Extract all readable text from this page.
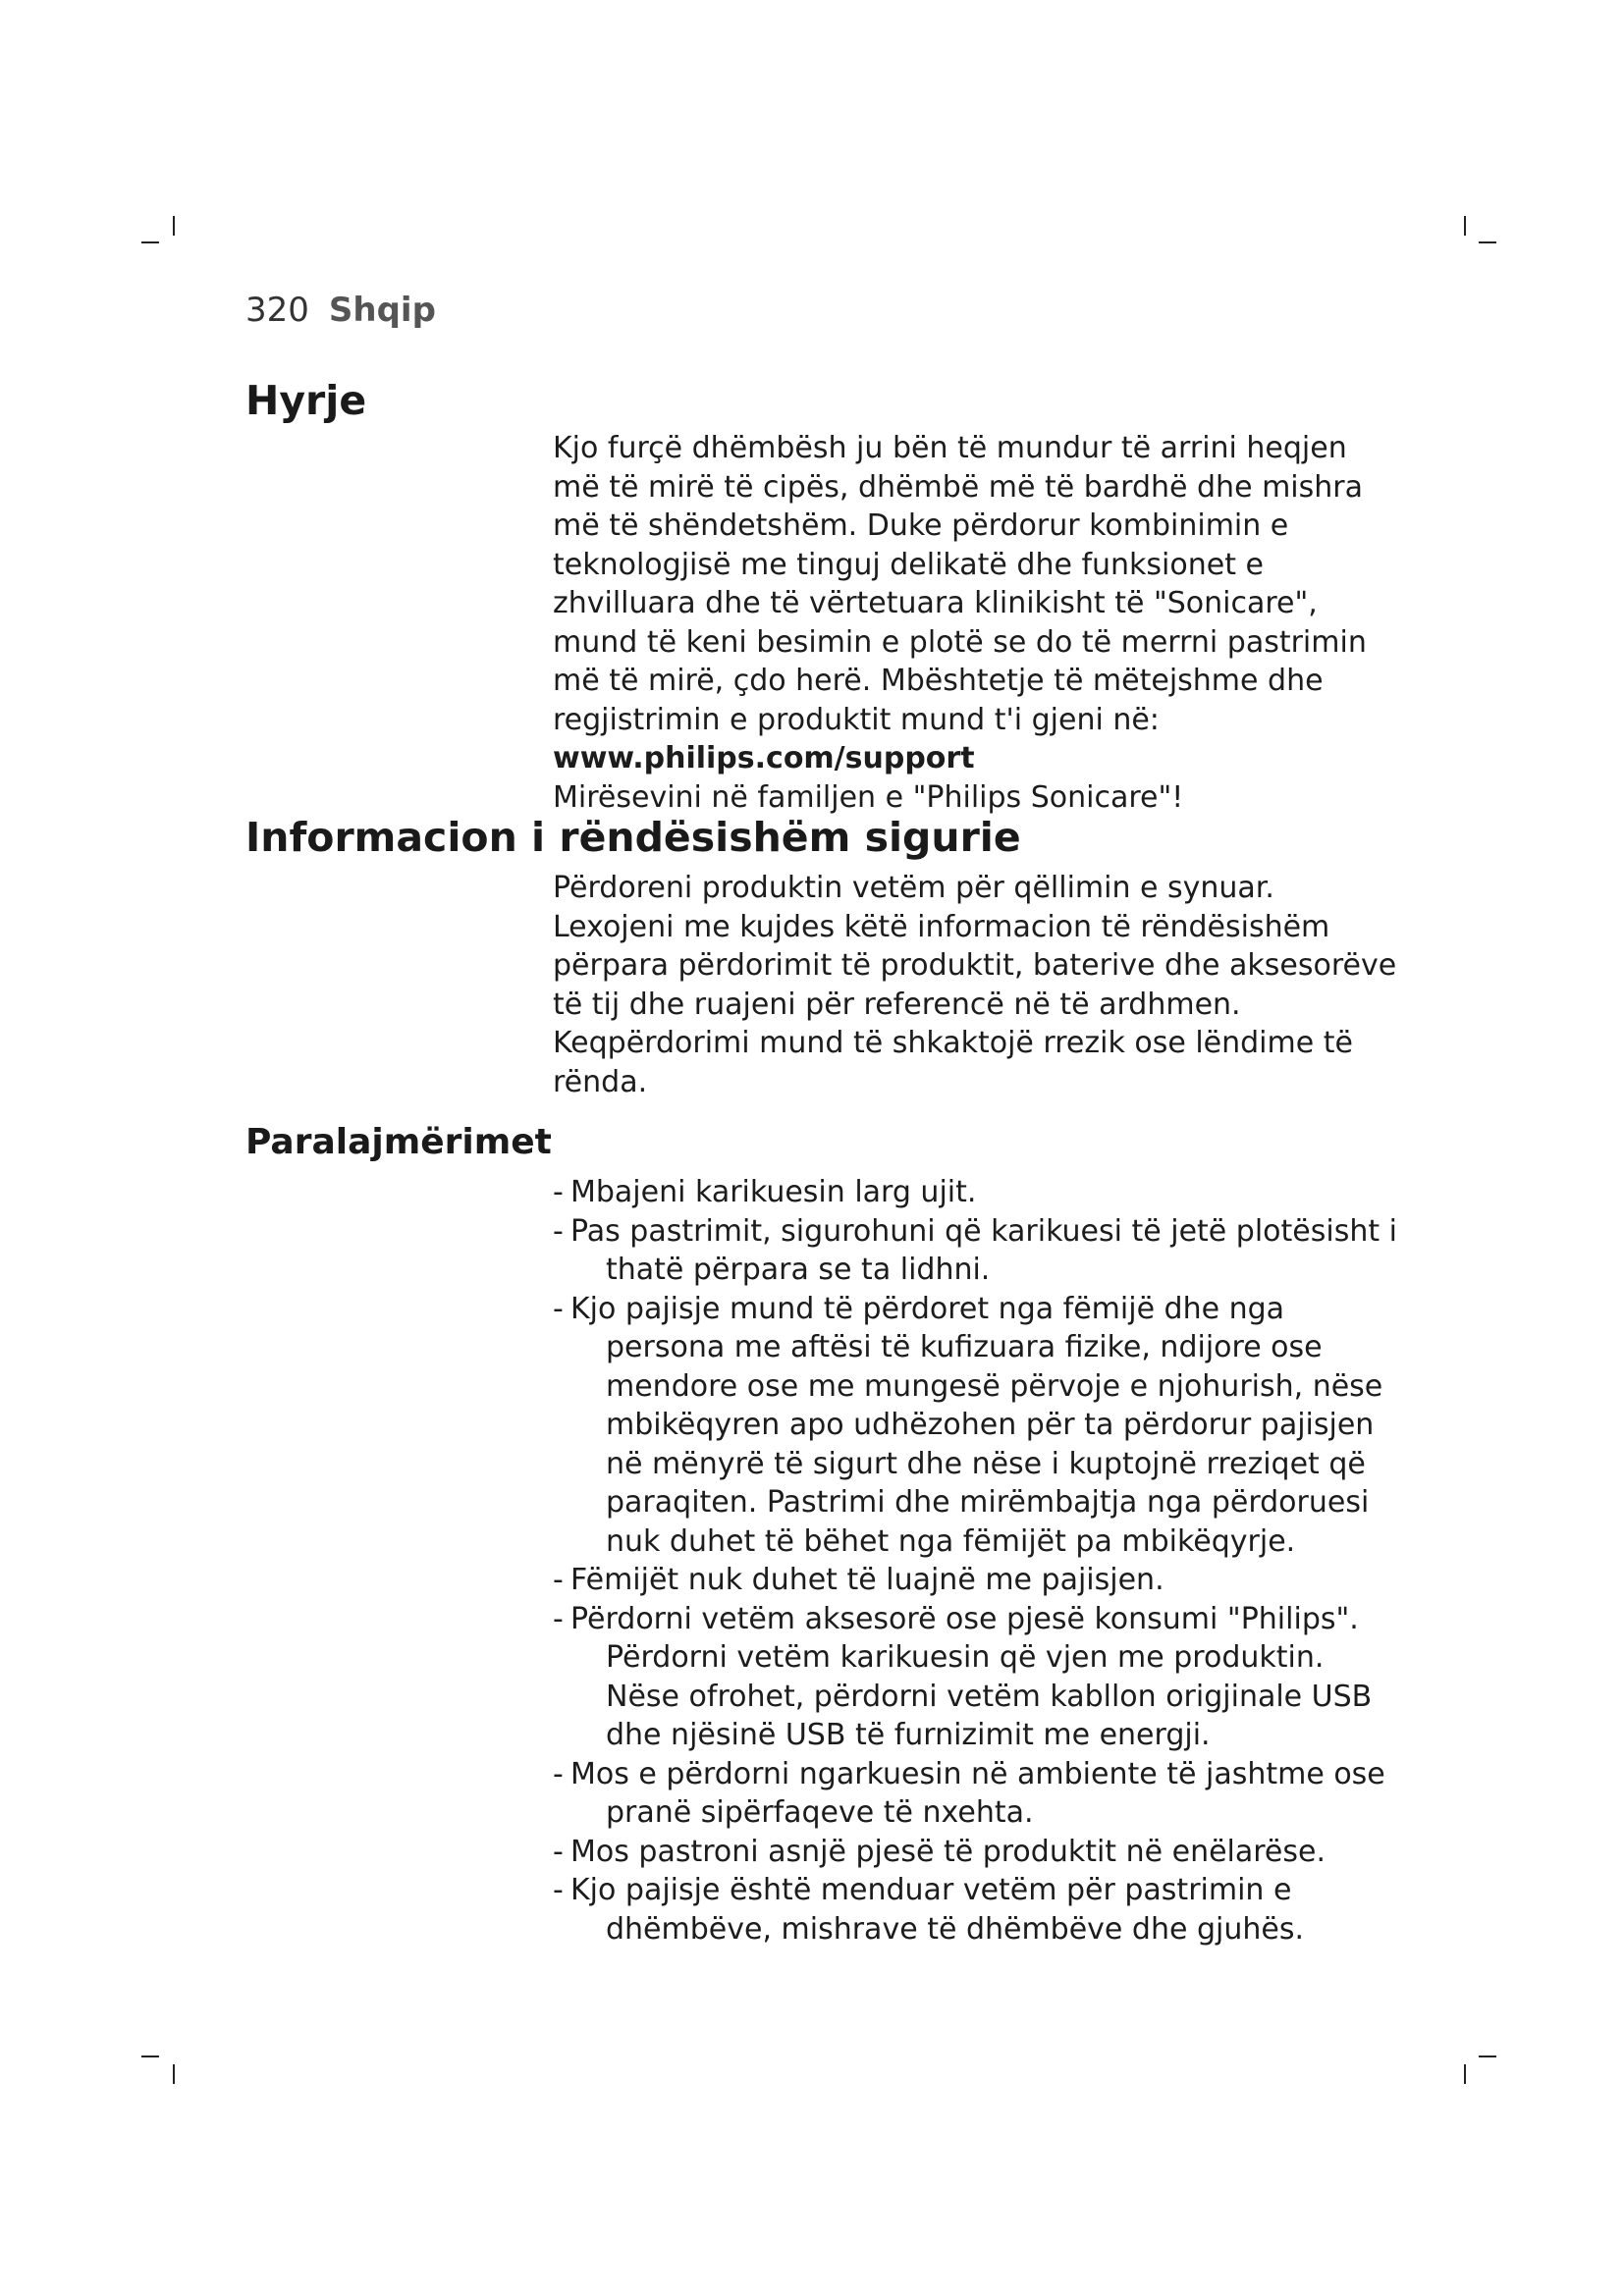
320 Shqip
Hyrje

Kjo furçë dhëmbësh ju bën të mundur të arrini heqjen më të mirë të cipës, dhëmbë më të bardhë dhe mishra më të shëndetshëm. Duke përdorur kombinimin e teknologjisë me tinguj delikatë dhe funksionet e zhvilluara dhe të vërtetuara klinikisht të "Sonicare", mund të keni besimin e plotë se do të merrni pastrimin më të mirë, çdo herë. Mbështetje të mëtejshme dhe regjistrimin e produktit mund t'i gjeni në: www.philips.com/support

Mirësevini në familjen e "Philips Sonicare"!

Informacion i rëndësishëm sigurie

Përdoreni produktin vetëm për qëllimin e synuar. Lexojeni me kujdes këtë informacion të rëndësishëm përpara përdorimit të produktit, baterive dhe aksesorëve të tij dhe ruajeni për referencë në të ardhmen. Keqpërdorimi mund të shkaktojë rrezik ose lëndime të rënda.

Paralajmërimet
- Mbajeni karikuesin larg ujit.
- Pas pastrimit, sigurohuni që karikuesi të jetë plotësisht i thatë përpara se ta lidhni.
- Kjo pajisje mund të përdoret nga fëmijë dhe nga persona me aftësi të kufizuara fizike, ndijore ose mendore ose me mungesë përvoje e njohurish, nëse mbikëqyren apo udhëzohen për ta përdorur pajisjen në mënyrë të sigurt dhe nëse i kuptojnë rreziqet që paraqiten. Pastrimi dhe mirëmbajtja nga përdoruesi nuk duhet të bëhet nga fëmijët pa mbikëqyrje.
- Fëmijët nuk duhet të luajnë me pajisjen.
- Përdorni vetëm aksesorë ose pjesë konsumi "Philips". Përdorni vetëm karikuesin që vjen me produktin. Nëse ofrohet, përdorni vetëm kabllon origjinale USB dhe njësinë USB të furnizimit me energji.
- Mos e përdorni ngarkuesin në ambiente të jashtme ose pranë sipërfaqeve të nxehta.
- Mos pastroni asnjë pjesë të produktit në enëlarëse.
- Kjo pajisje është menduar vetëm për pastrimin e dhëmbëve, mishrave të dhëmbëve dhe gjuhës.
